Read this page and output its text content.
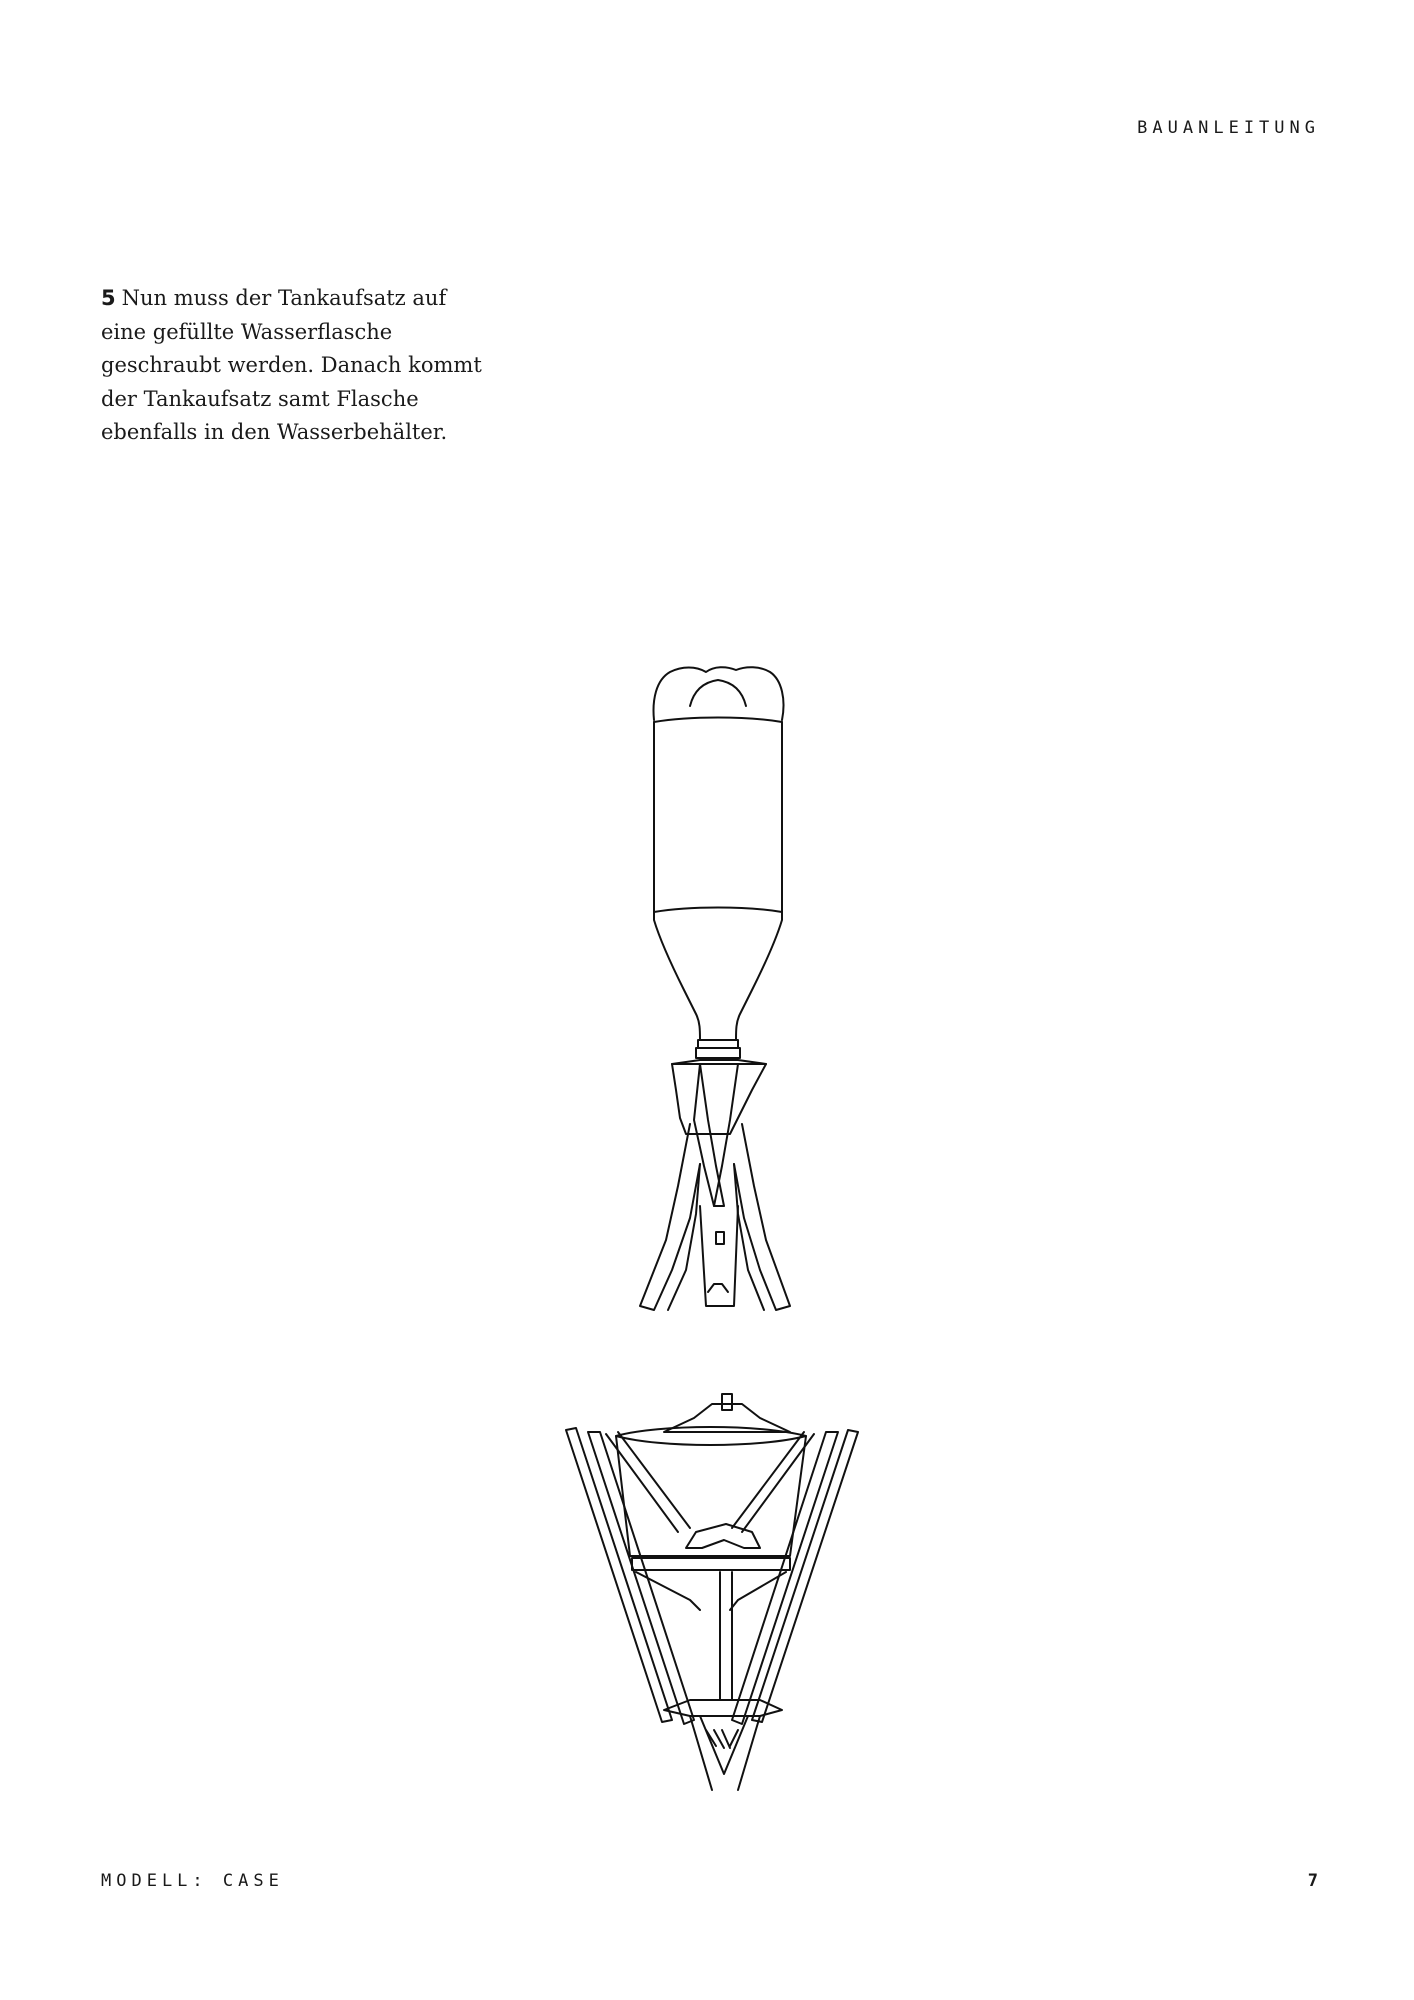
BAUANLEITUNG
5 Nun muss der Tankaufsatz auf
eine gefüllte Wasserflasche
geschraubt werden. Danach kommt
der Tankaufsatz samt Flasche
ebenfalls in den Wasserbehälter.
MODELL: CASE	7
